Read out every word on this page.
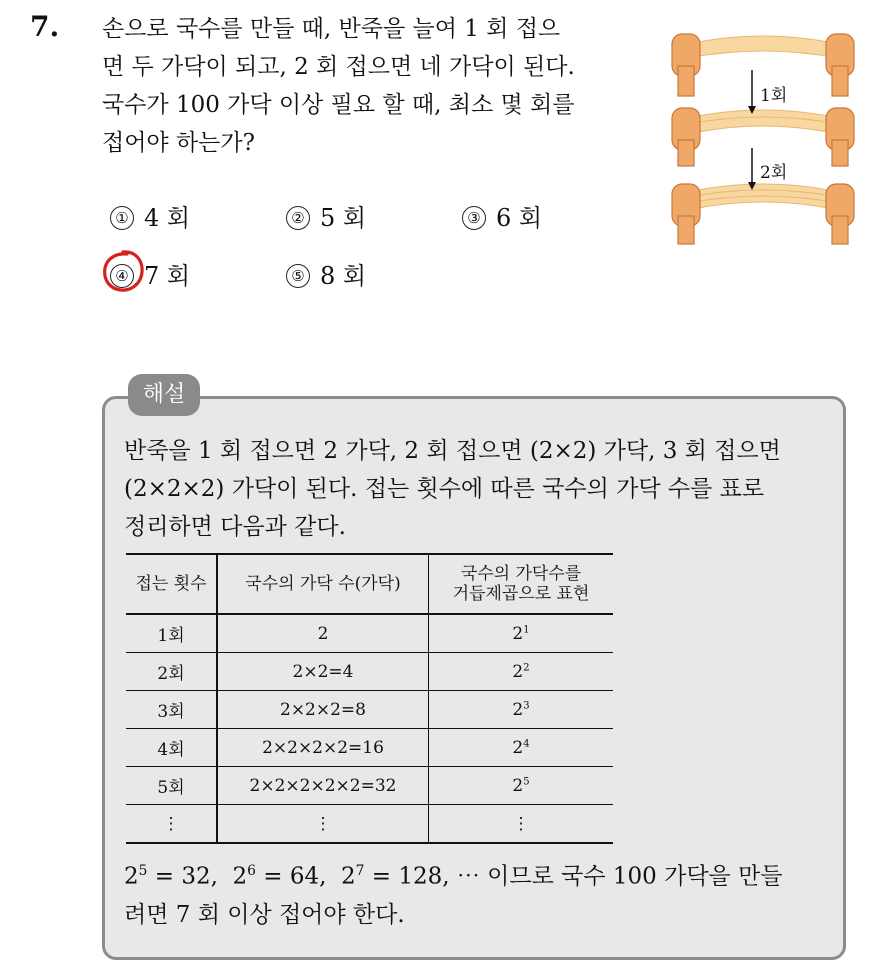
7. 손으로 국수를 만들 때, 반죽을 늘여 1 회 접으
면 두 가닥이 되고, 2 회 접으면 네 가닥이 된다.
국수가 100 가닥 이상 필요 할 때, 최소 몇 회를
접어야 하는가?
1회
2회
① 4 회	② 5 회	③ 6 회
④ 7 회	⑤ 8 회
해설
반죽을 1 회 접으면 2 가닥, 2 회 접으면 (2×2) 가닥, 3 회 접으면
(2×2×2) 가닥이 된다. 접는 횟수에 따른 국수의 가닥 수를 표로
정리하면 다음과 같다.
접는 횟수	국수의 가닥 수(가닥)	국수의 가닥수를
거듭제곱으로 표현

1회	2	$2^1$
2회	2×2=4	$2^2$
3회	2×2×2=8	$2^3$
4회	2×2×2×2=16	$2^4$
5회	2×2×2×2×2=32	$2^5$
⋮	⋮	⋮
$2^5 = 32$,  $2^6 = 64$,  $2^7 = 128$, ⋯ 이므로 국수 100 가닥을 만들
려면 7 회 이상 접어야 한다.
